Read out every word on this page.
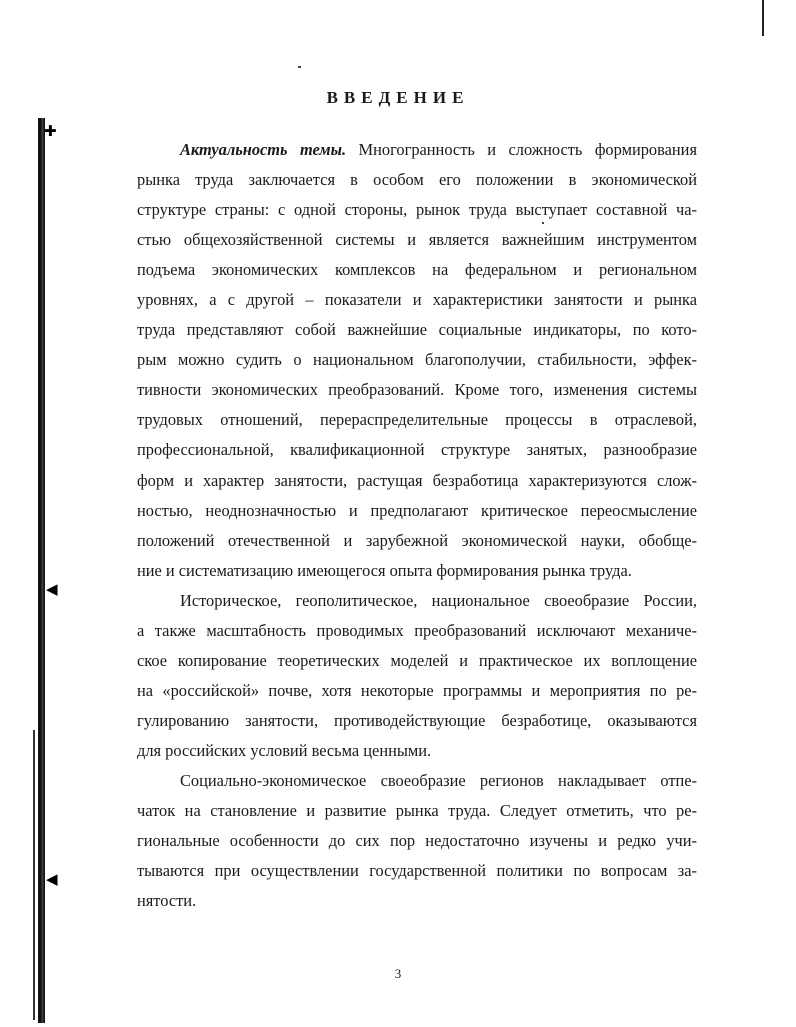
✚
◀
◀
ВВЕДЕНИЕ
Актуальность темы. Многогранность и сложность формирования
рынка труда заключается в особом его положении в экономической
структуре страны: с одной стороны, рынок труда выступает составной ча-
стью общехозяйственной системы и является важнейшим инструментом
подъема экономических комплексов на федеральном и региональном
уровнях, а с другой – показатели и характеристики занятости и рынка
труда представляют собой важнейшие социальные индикаторы, по кото-
рым можно судить о национальном благополучии, стабильности, эффек-
тивности экономических преобразований. Кроме того, изменения системы
трудовых отношений, перераспределительные процессы в отраслевой,
профессиональной, квалификационной структуре занятых, разнообразие
форм и характер занятости, растущая безработица характеризуются слож-
ностью, неоднозначностью и предполагают критическое переосмысление
положений отечественной и зарубежной экономической науки, обобще-
ние и систематизацию имеющегося опыта формирования рынка труда.
Историческое, геополитическое, национальное своеобразие России,
а также масштабность проводимых преобразований исключают механиче-
ское копирование теоретических моделей и практическое их воплощение
на «российской» почве, хотя некоторые программы и мероприятия по ре-
гулированию занятости, противодействующие безработице, оказываются
для российских условий весьма ценными.
Социально-экономическое своеобразие регионов накладывает отпе-
чаток на становление и развитие рынка труда. Следует отметить, что ре-
гиональные особенности до сих пор недостаточно изучены и редко учи-
тываются при осуществлении государственной политики по вопросам за-
нятости.
3
